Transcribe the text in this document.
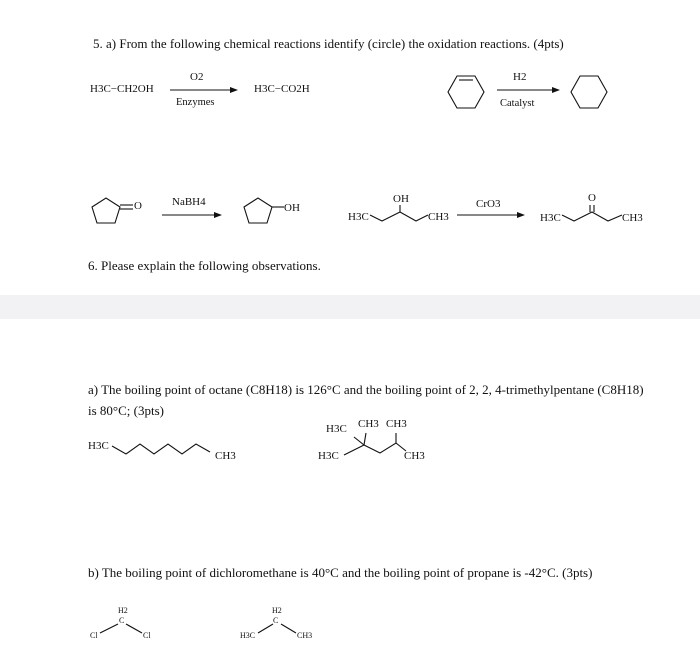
5. a) From the following chemical reactions identify (circle) the oxidation reactions. (4pts)
H3C−CH2OH
O2
Enzymes
H3C−CO2H
H2
Catalyst
O	NaBH4	OH
OH
H3C	CH3
CrO3	O
H3C	CH3
6. Please explain the following observations.
a) The boiling point of octane (C8H18) is 126°C and the boiling point of 2, 2, 4-trimethylpentane (C8H18)
is 80°C; (3pts)
H3C
CH3
H3C CH3 CH3
H3C	CH3
b) The boiling point of dichloromethane is 40°C and the boiling point of propane is -42°C. (3pts)
H2
C
Cl	Cl
H2
C
H3C	CH3
